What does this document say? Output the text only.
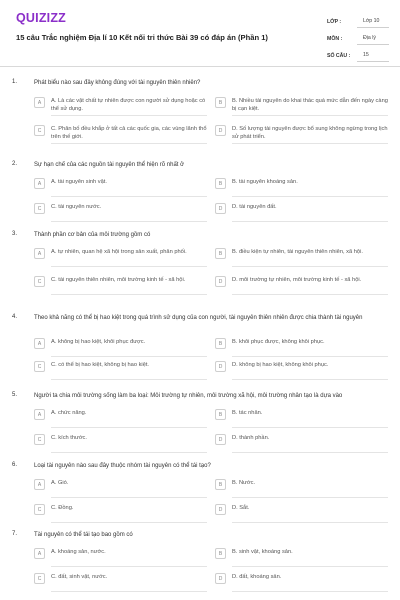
QUIZIZZ
15 câu Trắc nghiệm Địa lí 10 Kết nối tri thức Bài 39 có đáp án (Phần 1)
LỚP :	Lớp 10
MÔN :	Địa lý
SỐ CÂU :	15
1.	Phát biểu nào sau đây không đúng với tài nguyên thiên nhiên?
A	A. Là các vật chất tự nhiên được con người sử dụng hoặc có thể sử dụng.
B	B. Nhiều tài nguyên do khai thác quá mức dẫn đến ngày càng bị cạn kiệt.
C	C. Phân bố đều khắp ở tất cả các quốc gia, các vùng lãnh thổ trên thế giới.
D	D. Số lượng tài nguyên được bổ sung không ngừng trong lịch sử phát triển.
2.	Sự hạn chế của các nguồn tài nguyên thể hiện rõ nhất ở
A	A. tài nguyên sinh vật.	B	B. tài nguyên khoáng sản.
C	C. tài nguyên nước.	D	D. tài nguyên đất.
3.	Thành phần cơ bản của môi trường gồm có
A	A. tự nhiên, quan hệ xã hội trong sản xuất, phân phối.	B	B. điều kiện tự nhiên, tài nguyên thiên nhiên, xã hội.
C	C. tài nguyên thiên nhiên, môi trường kinh tế - xã hội.	D	D. môi trường tự nhiên, môi trường kinh tế - xã hội.
4.	Theo khả năng có thể bị hao kiệt trong quá trình sử dụng của con người, tài nguyên thiên nhiên được chia thành tài nguyên
A	A. không bị hao kiệt, khôi phục được.	B	B. khôi phục được, không khôi phục.
C	C. có thể bị hao kiệt, không bị hao kiệt.	D	D. không bị hao kiệt, không khôi phục.
5.	Người ta chia môi trường sống làm ba loại: Môi trường tự nhiên, môi trường xã hội, môi trường nhân tạo là dựa vào
A	A. chức năng.	B	B. tác nhân.
C	C. kích thước.	D	D. thành phần.
6.	Loại tài nguyên nào sau đây thuộc nhóm tài nguyên có thể tái tạo?
A	A. Gió.	B	B. Nước.
C	C. Đồng.	D	D. Sắt.
7.	Tài nguyên có thể tái tạo bao gồm có
A	A. khoáng sản, nước.	B	B. sinh vật, khoáng sản.
C	C. đất, sinh vật, nước.	D	D. đất, khoáng sản.
